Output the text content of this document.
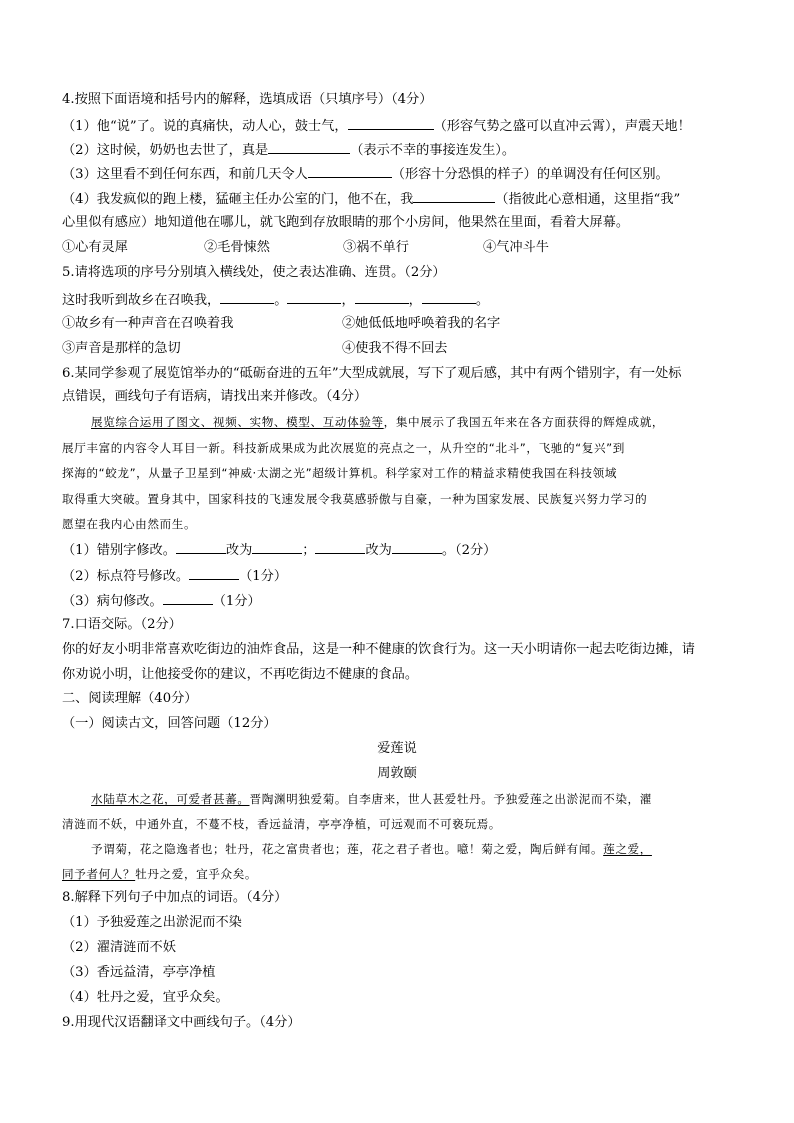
4.按照下面语境和括号内的解释，选填成语（只填序号）（4分）
（1）他“说”了。说的真痛快，动人心，鼓士气，	（形容气势之盛可以直冲云霄），声震天地！
（2）这时候，奶奶也去世了，真是	（表示不幸的事接连发生）。
（3）这里看不到任何东西，和前几天令人	（形容十分恐惧的样子）的单调没有任何区别。
（4）我发疯似的跑上楼，猛砸主任办公室的门，他不在，我	（指彼此心意相通，这里指“我”
心里似有感应）地知道他在哪儿，就飞跑到存放眼睛的那个小房间，他果然在里面，看着大屏幕。
①心有灵犀	②毛骨悚然	③祸不单行	④气冲斗牛
5.请将选项的序号分别填入横线处，使之表达准确、连贯。（2分）
这时我听到故乡在召唤我，	。	，	，	。
①故乡有一种声音在召唤着我	②她低低地呼唤着我的名字
③声音是那样的急切	④使我不得不回去
6.某同学参观了展览馆举办的“砥砺奋进的五年”大型成就展，写下了观后感，其中有两个错别字，有一处标
点错误，画线句子有语病，请找出来并修改。（4分）
展览综合运用了图文、视频、实物、模型、互动体验等，集中展示了我国五年来在各方面获得的辉煌成就，
展厅丰富的内容令人耳目一新。科技新成果成为此次展览的亮点之一，从升空的“北斗”，飞驰的“复兴”到
探海的“蛟龙”，从量子卫星到“神威·太湖之光”超级计算机。科学家对工作的精益求精使我国在科技领域
取得重大突破。置身其中，国家科技的飞速发展令我莫感骄傲与自豪，一种为国家发展、民族复兴努力学习的
愿望在我内心由然而生。
（1）错别字修改。	改为	；	改为	。（2分）
（2）标点符号修改。	（1分）
（3）病句修改。	（1分）
7.口语交际。（2分）
你的好友小明非常喜欢吃街边的油炸食品，这是一种不健康的饮食行为。这一天小明请你一起去吃街边摊，请
你劝说小明，让他接受你的建议，不再吃街边不健康的食品。
二、阅读理解（40分）
（一）阅读古文，回答问题（12分）
爱莲说
周敦颐
水陆草木之花，可爱者甚蕃。晋陶渊明独爱菊。自李唐来，世人甚爱牡丹。予独爱莲之出淤泥而不染，濯
清涟而不妖，中通外直，不蔓不枝，香远益清，亭亭净植，可远观而不可亵玩焉。
予谓菊，花之隐逸者也；牡丹，花之富贵者也；莲，花之君子者也。噫！菊之爱，陶后鲜有闻。莲之爱，
同予者何人？牡丹之爱，宜乎众矣。
8.解释下列句子中加点的词语。（4分）
（1）予独爱莲之出淤泥而不染
（2）濯清涟而不妖
（3）香远益清，亭亭净植
（4）牡丹之爱，宜乎众矣。
9.用现代汉语翻译文中画线句子。（4分）
